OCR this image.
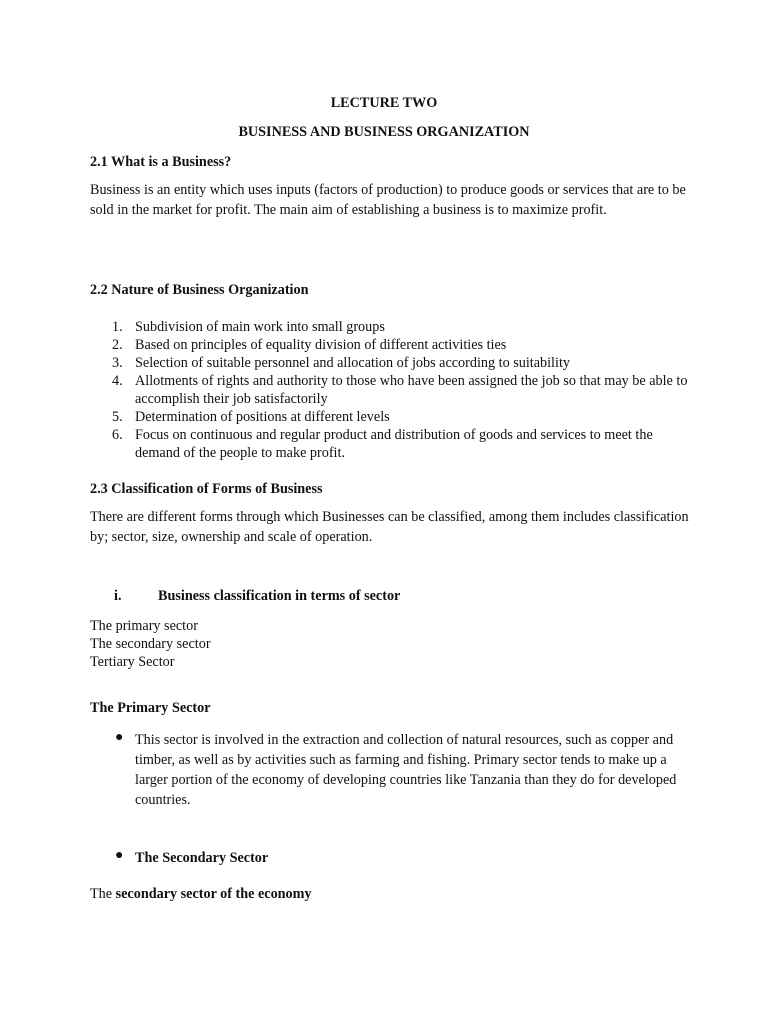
LECTURE TWO

BUSINESS AND BUSINESS ORGANIZATION

2.1 What is a Business?

Business is an entity which uses inputs (factors of production) to produce goods or services that are to be sold in the market for profit. The main aim of establishing a business is to maximize profit.

2.2 Nature of Business Organization

1. Subdivision of main work into small groups
2. Based on principles of equality division of different activities ties
3. Selection of suitable personnel and allocation of jobs according to suitability
4. Allotments of rights and authority to those who have been assigned the job so that may be able to accomplish their job satisfactorily
5. Determination of positions at different levels
6. Focus on continuous and regular product and distribution of goods and services to meet the demand of the people to make profit.

2.3 Classification of Forms of Business

There are different forms through which Businesses can be classified, among them includes classification by; sector, size, ownership and scale of operation.

i.	Business classification in terms of sector
The primary sector
The secondary sector
Tertiary Sector

The Primary Sector

● This sector is involved in the extraction and collection of natural resources, such as copper and timber, as well as by activities such as farming and fishing. Primary sector tends to make up a larger portion of the economy of developing countries like Tanzania than they do for developed countries.
● The Secondary Sector

The secondary sector of the economy
